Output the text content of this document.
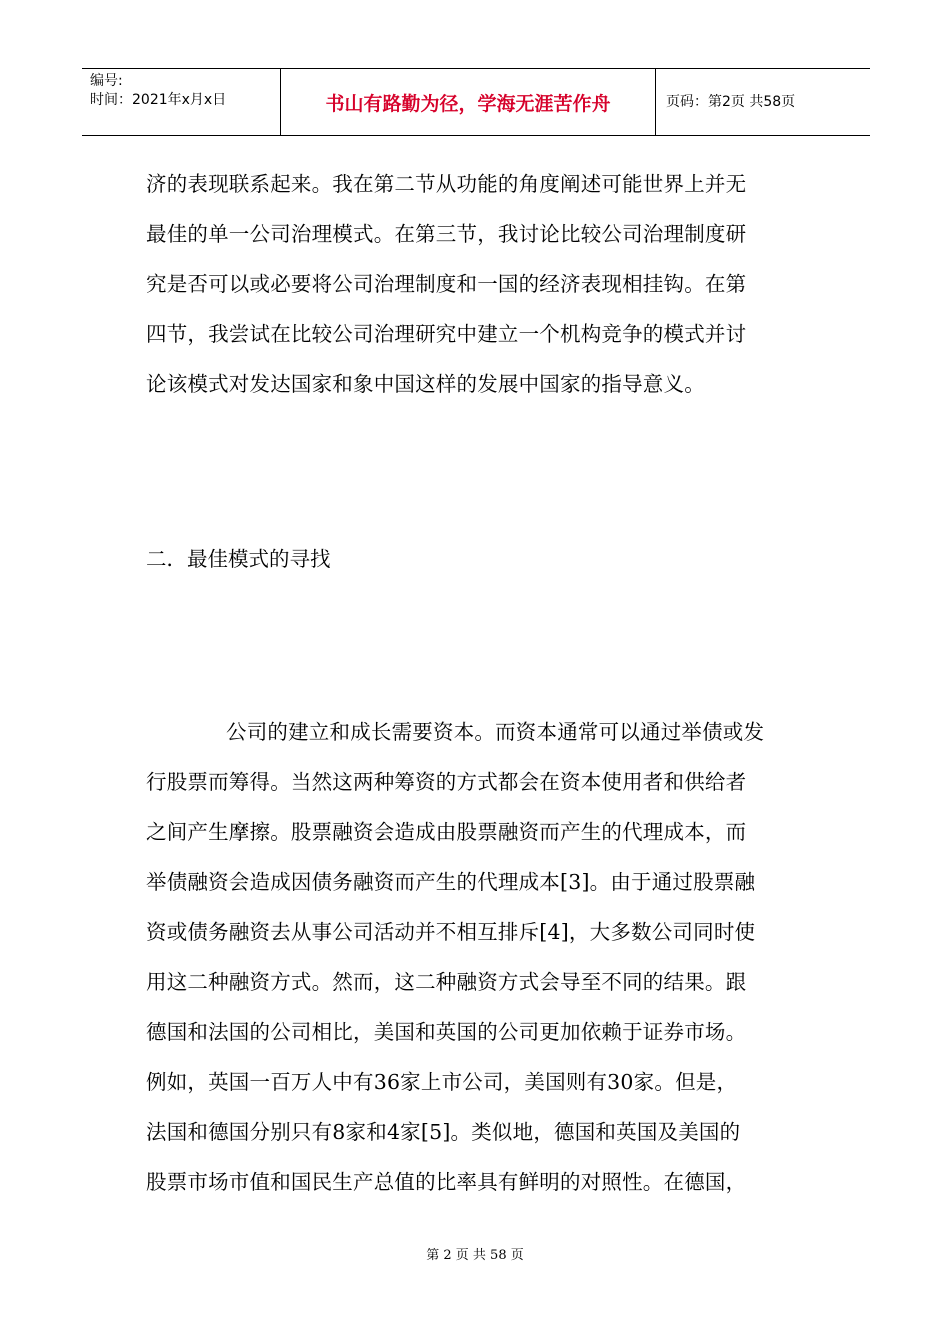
编号:
时间：2021年x月x日	书山有路勤为径，学海无涯苦作舟	页码：第2页 共58页
济的表现联系起来。我在第二节从功能的角度阐述可能世界上并无
最佳的单一公司治理模式。在第三节，我讨论比较公司治理制度研
究是否可以或必要将公司治理制度和一国的经济表现相挂钩。在第
四节，我尝试在比较公司治理研究中建立一个机构竞争的模式并讨
论该模式对发达国家和象中国这样的发展中国家的指导意义。
二．最佳模式的寻找
公司的建立和成长需要资本。而资本通常可以通过举债或发
行股票而筹得。当然这两种筹资的方式都会在资本使用者和供给者
之间产生摩擦。股票融资会造成由股票融资而产生的代理成本，而
举债融资会造成因债务融资而产生的代理成本[3]。由于通过股票融
资或债务融资去从事公司活动并不相互排斥[4]，大多数公司同时使
用这二种融资方式。然而，这二种融资方式会导至不同的结果。跟
德国和法国的公司相比，美国和英国的公司更加依赖于证券市场。
例如，英国一百万人中有36家上市公司，美国则有30家。但是，
法国和德国分别只有8家和4家[5]。类似地，德国和英国及美国的
股票市场市值和国民生产总值的比率具有鲜明的对照性。在德国，
第 2 页 共 58 页
